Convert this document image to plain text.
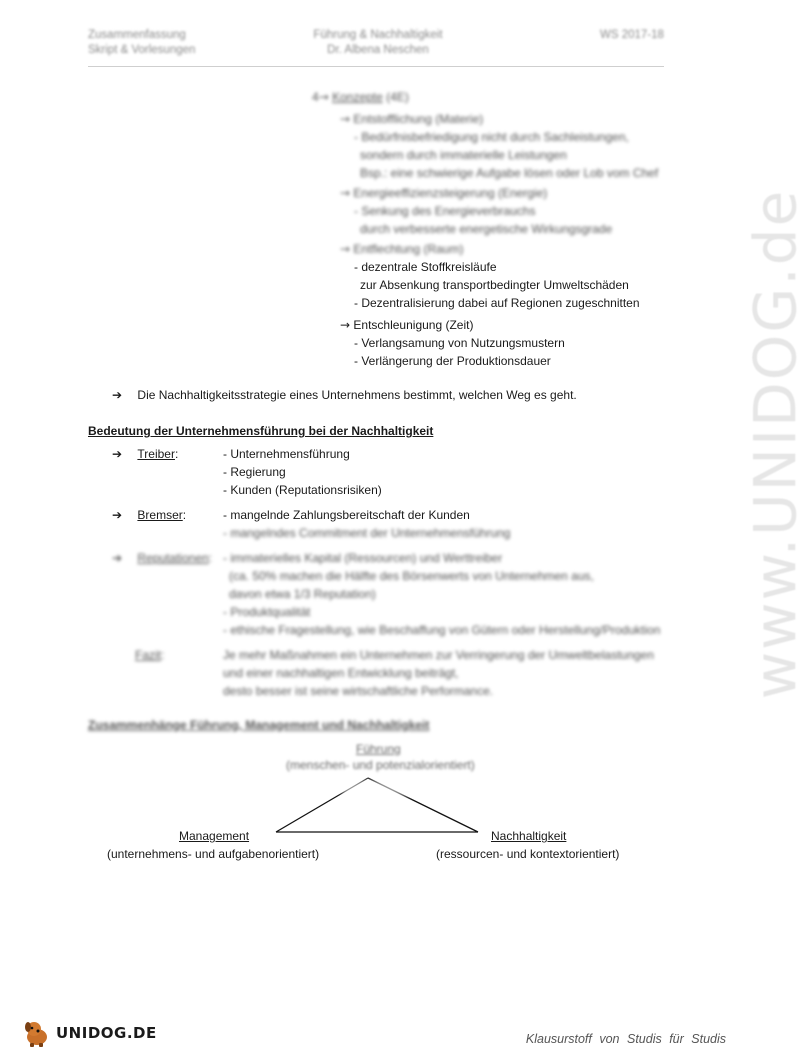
Zusammenfassung
Skript & Vorlesungen
Führung & Nachhaltigkeit
Dr. Albena Neschen
WS 2017-18
www.UNIDOG.de
4→ Konzepte (4E)
→ Entstofflichung (Materie)
- Bedürfnisbefriedigung nicht durch Sachleistungen,
sondern durch immaterielle Leistungen
Bsp.: eine schwierige Aufgabe lösen oder Lob vom Chef
→ Energieeffizienzsteigerung (Energie)
- Senkung des Energieverbrauchs
durch verbesserte energetische Wirkungsgrade
→ Entflechtung (Raum)
- dezentrale Stoffkreisläufe
zur Absenkung transportbedingter Umweltschäden
- Dezentralisierung dabei auf Regionen zugeschnitten
→ Entschleunigung (Zeit)
- Verlangsamung von Nutzungsmustern
- Verlängerung der Produktionsdauer
➔ Die Nachhaltigkeitsstrategie eines Unternehmens bestimmt, welchen Weg es geht.
Bedeutung der Unternehmensführung bei der Nachhaltigkeit
➔ Treiber:	- Unternehmensführung
- Regierung
- Kunden (Reputationsrisiken)
➔ Bremser:	- mangelnde Zahlungsbereitschaft der Kunden
- mangelndes Commitment der Unternehmensführung
➔ Reputationen: - immaterielles Kapital (Ressourcen) und Werttreiber
(ca. 50% machen die Hälfte des Börsenwerts von Unternehmen aus,
davon etwa 1/3 Reputation)
- Produktqualität
- ethische Fragestellung, wie Beschaffung von Gütern oder Herstellung/Produktion
Fazit:	Je mehr Maßnahmen ein Unternehmen zur Verringerung der Umweltbelastungen
und einer nachhaltigen Entwicklung beiträgt,
desto besser ist seine wirtschaftliche Performance.
Zusammenhänge Führung, Management und Nachhaltigkeit
Führung
(menschen- und potenzialorientiert)
Management
(unternehmens- und aufgabenorientiert)
Nachhaltigkeit
(ressourcen- und kontextorientiert)
UNIDOG.DE	Klausurstoff von Studis für Studis
